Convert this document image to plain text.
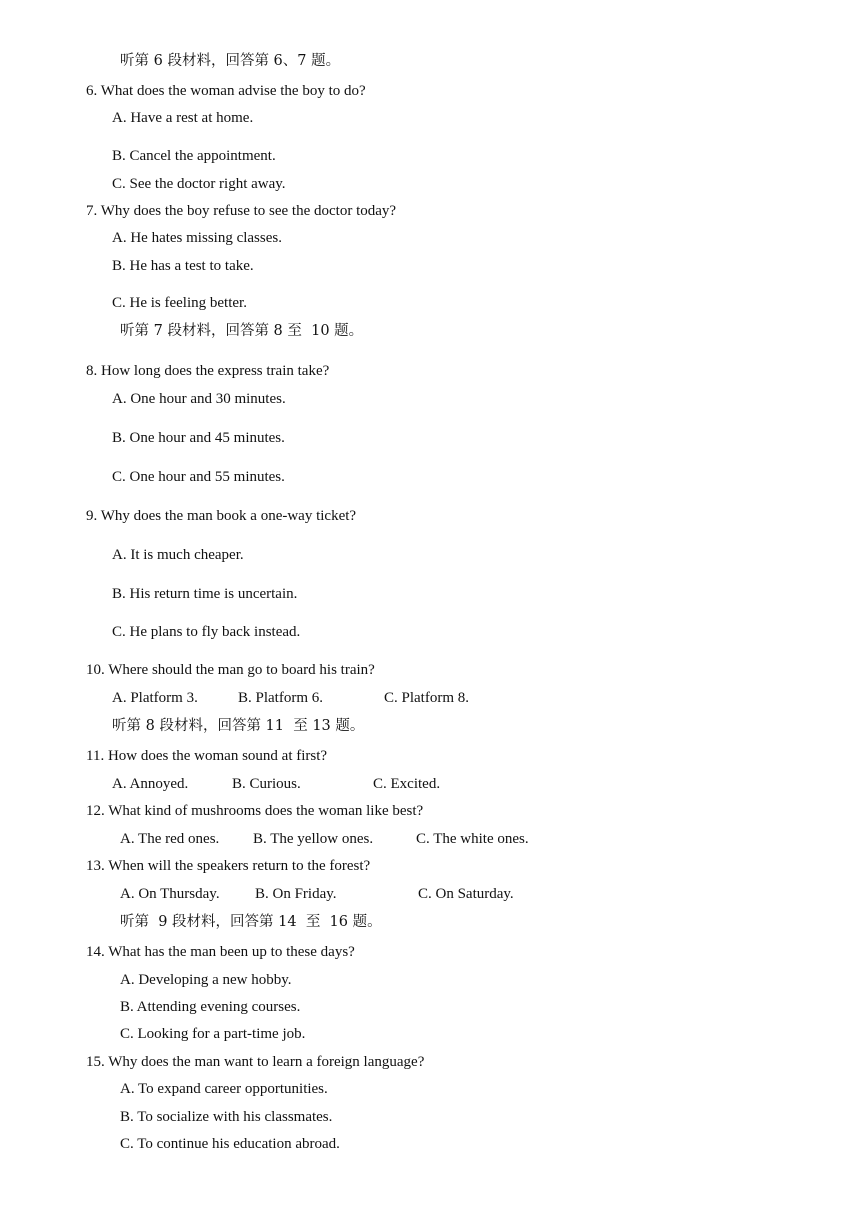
听第 6 段材料，回答第 6、7 题。
6. What does the woman advise the boy to do?
A. Have a rest at home.
B. Cancel the appointment.
C. See the doctor right away.
7. Why does the boy refuse to see the doctor today?
A. He hates missing classes.
B. He has a test to take.
C. He is feeling better.
听第 7 段材料，回答第 8 至  10 题。
8. How long does the express train take?
A. One hour and 30 minutes.
B. One hour and 45 minutes.
C. One hour and 55 minutes.
9. Why does the man book a one-way ticket?
A. It is much cheaper.
B. His return time is uncertain.
C. He plans to fly back instead.
10. Where should the man go to board his train?
A. Platform 3.	B. Platform 6.	C. Platform 8.
听第 8 段材料，回答第 11  至 13 题。
11. How does the woman sound at first?
A. Annoyed.	B. Curious.	C. Excited.
12. What kind of mushrooms does the woman like best?
A. The red ones. B. The yellow ones.	C. The white ones.
13. When will the speakers return to the forest?
A. On Thursday. B. On Friday.	C. On Saturday.
听第  9 段材料，回答第 14  至  16 题。
14. What has the man been up to these days?
A. Developing a new hobby.
B. Attending evening courses.
C. Looking for a part-time job.
15. Why does the man want to learn a foreign language?
A. To expand career opportunities.
B. To socialize with his classmates.
C. To continue his education abroad.
